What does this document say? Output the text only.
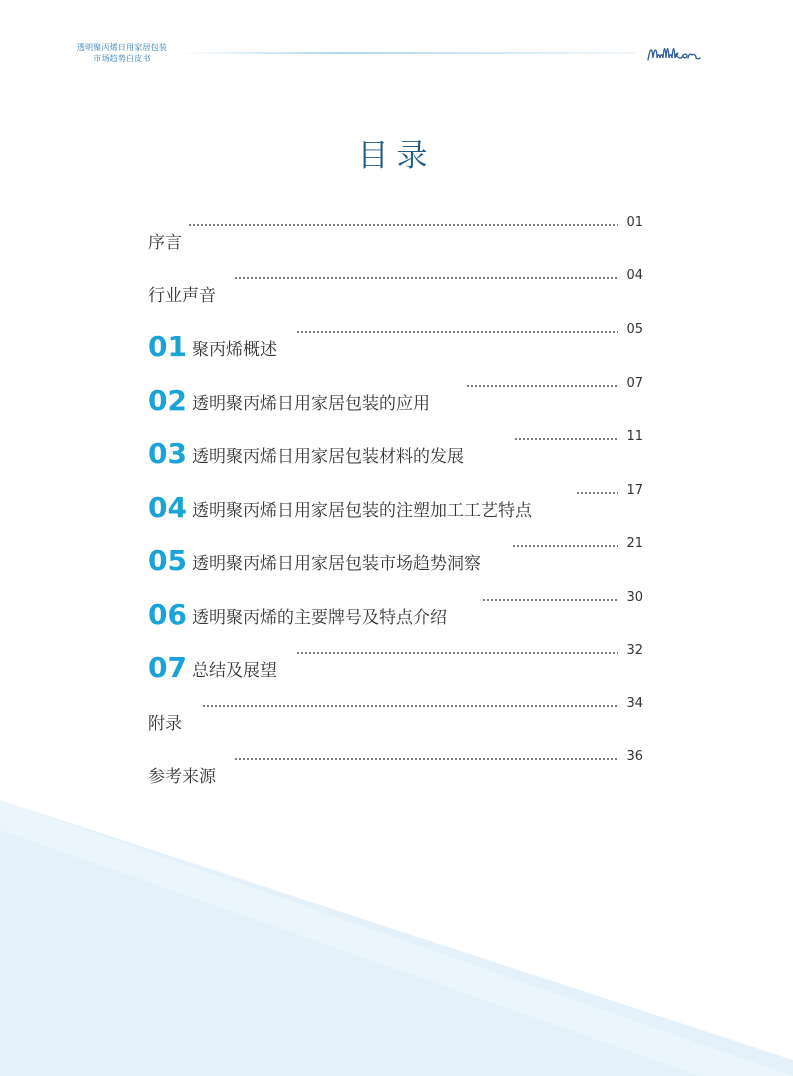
透明聚丙烯日用家居包装
市场趋势白皮书
目录
序言
01
行业声音
04
01 聚丙烯概述
05
02 透明聚丙烯日用家居包装的应用
07
03 透明聚丙烯日用家居包装材料的发展
11
04 透明聚丙烯日用家居包装的注塑加工工艺特点
17
05 透明聚丙烯日用家居包装市场趋势洞察
21
06 透明聚丙烯的主要牌号及特点介绍
30
07 总结及展望
32
附录
34
参考来源
36
